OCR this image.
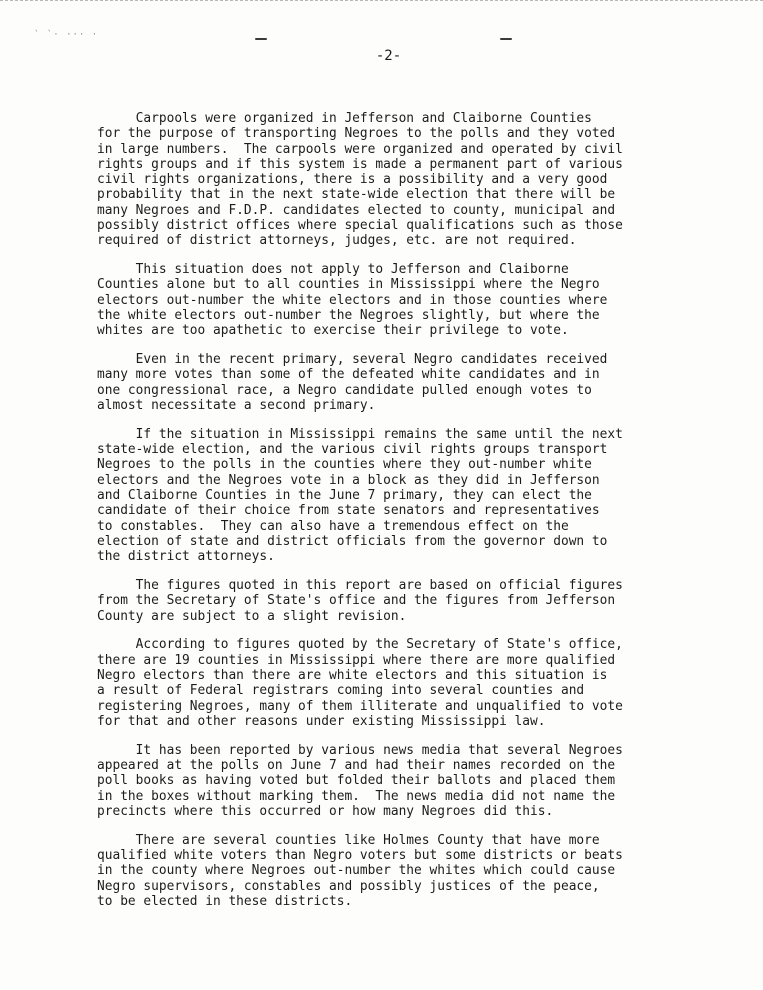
` `· ··· ·
-2-
Carpools were organized in Jefferson and Claiborne Counties
for the purpose of transporting Negroes to the polls and they voted
in large numbers.  The carpools were organized and operated by civil
rights groups and if this system is made a permanent part of various
civil rights organizations, there is a possibility and a very good
probability that in the next state-wide election that there will be
many Negroes and F.D.P. candidates elected to county, municipal and
possibly district offices where special qualifications such as those
required of district attorneys, judges, etc. are not required.
This situation does not apply to Jefferson and Claiborne
Counties alone but to all counties in Mississippi where the Negro
electors out-number the white electors and in those counties where
the white electors out-number the Negroes slightly, but where the
whites are too apathetic to exercise their privilege to vote.
Even in the recent primary, several Negro candidates received
many more votes than some of the defeated white candidates and in
one congressional race, a Negro candidate pulled enough votes to
almost necessitate a second primary.
If the situation in Mississippi remains the same until the next
state-wide election, and the various civil rights groups transport
Negroes to the polls in the counties where they out-number white
electors and the Negroes vote in a block as they did in Jefferson
and Claiborne Counties in the June 7 primary, they can elect the
candidate of their choice from state senators and representatives
to constables.  They can also have a tremendous effect on the
election of state and district officials from the governor down to
the district attorneys.
The figures quoted in this report are based on official figures
from the Secretary of State's office and the figures from Jefferson
County are subject to a slight revision.
According to figures quoted by the Secretary of State's office,
there are 19 counties in Mississippi where there are more qualified
Negro electors than there are white electors and this situation is
a result of Federal registrars coming into several counties and
registering Negroes, many of them illiterate and unqualified to vote
for that and other reasons under existing Mississippi law.
It has been reported by various news media that several Negroes
appeared at the polls on June 7 and had their names recorded on the
poll books as having voted but folded their ballots and placed them
in the boxes without marking them.  The news media did not name the
precincts where this occurred or how many Negroes did this.
There are several counties like Holmes County that have more
qualified white voters than Negro voters but some districts or beats
in the county where Negroes out-number the whites which could cause
Negro supervisors, constables and possibly justices of the peace,
to be elected in these districts.
